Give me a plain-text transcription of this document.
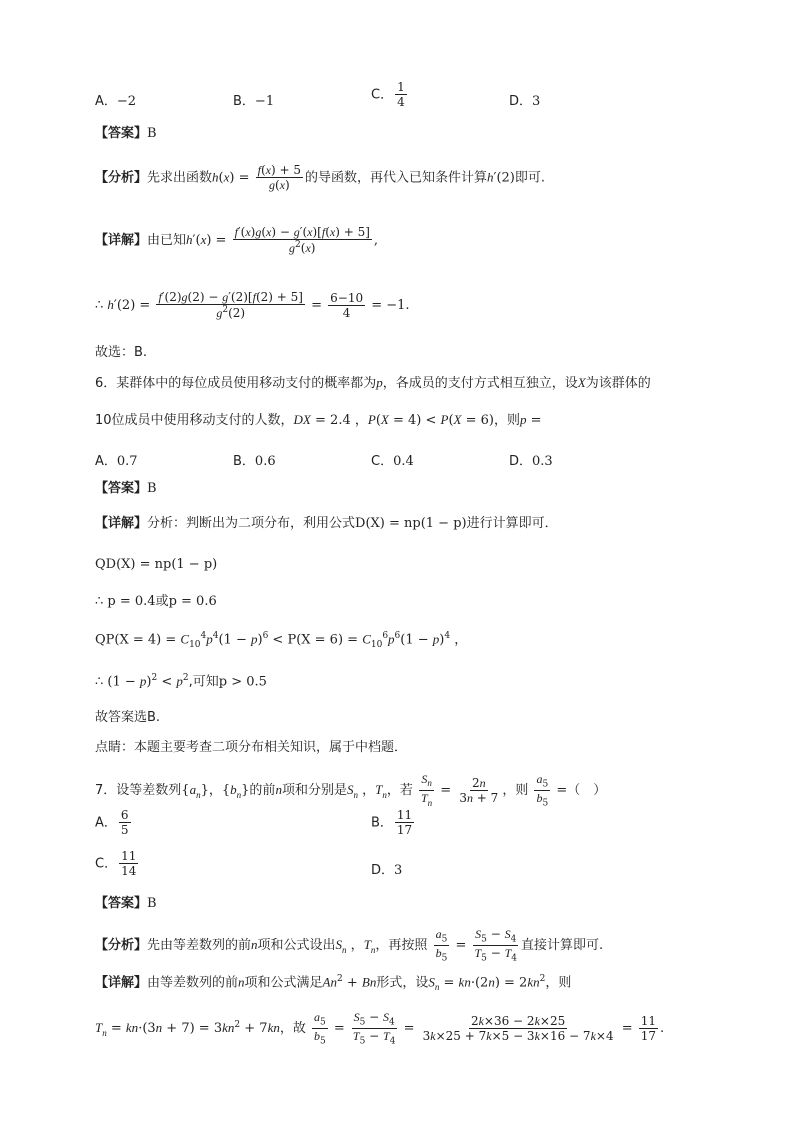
A．−2	B．−1	C． $\frac{1}{4}$	D．3
【答案】B
【分析】先求出函数$h(x) = \frac{f(x) + 5}{g(x)}$ 的导函数，再代入已知条件计算h′(2)即可.
【详解】由已知$h'(x) = \frac{f'(x)g(x) - g'(x)[f(x) + 5]}{g^2(x)}$ ,
∴ $h'(2) = \frac{f'(2)g(2) - g'(2)[f(2) + 5]}{g^2(2)} = \frac{6-10}{4} = -1$.
故选：B.
6．某群体中的每位成员使用移动支付的概率都为p，各成员的支付方式相互独立，设X为该群体的
10位成员中使用移动支付的人数，DX = 2.4 ，P(X = 4) < P(X = 6)，则p =
A．0.7	B．0.6	C．0.4	D．0.3
【答案】B
【详解】分析：判断出为二项分布，利用公式D(X) = np(1 − p)进行计算即可．
QD(X) = np(1 − p)
∴ p = 0.4或p = 0.6
$QP(X = 4) = C_{10}^4p^4(1 - p)^6 < P(X = 6) = C_{10}^6p^6(1 - p)^4$ ，
∴ $(1 - p)^2 < p^2$,可知p > 0.5
故答案选B.
点睛：本题主要考查二项分布相关知识，属于中档题．
7．设等差数列$\{a_n\}$，$\{b_n\}$的前n项和分别是$S_n$ ，$T_n$，若 $\frac{S_n}{T_n} = \frac{2n}{3n + 7}$ ，则 $\frac{a_5}{b_5}$ =（　）
A． $\frac{6}{5}$	B． $\frac{11}{17}$
C． $\frac{11}{14}$	D．3
【答案】B
【分析】先由等差数列的前n项和公式设出$S_n$ ，$T_n$，再按照 $\frac{a_5}{b_5} = \frac{S_5 - S_4}{T_5 - T_4}$ 直接计算即可.
【详解】由等差数列的前n项和公式满足$An^2 + Bn$形式，设$S_n = kn\cdot(2n) = 2kn^2$，则
$T_n = kn\cdot(3n + 7) = 3kn^2 + 7kn$，故 $\frac{a_5}{b_5} = \frac{S_5 - S_4}{T_5 - T_4} = \frac{2k\times 36 - 2k\times 25}{3k\times 25 + 7k\times 5 - 3k\times 16 - 7k\times 4} = \frac{11}{17}$ .
